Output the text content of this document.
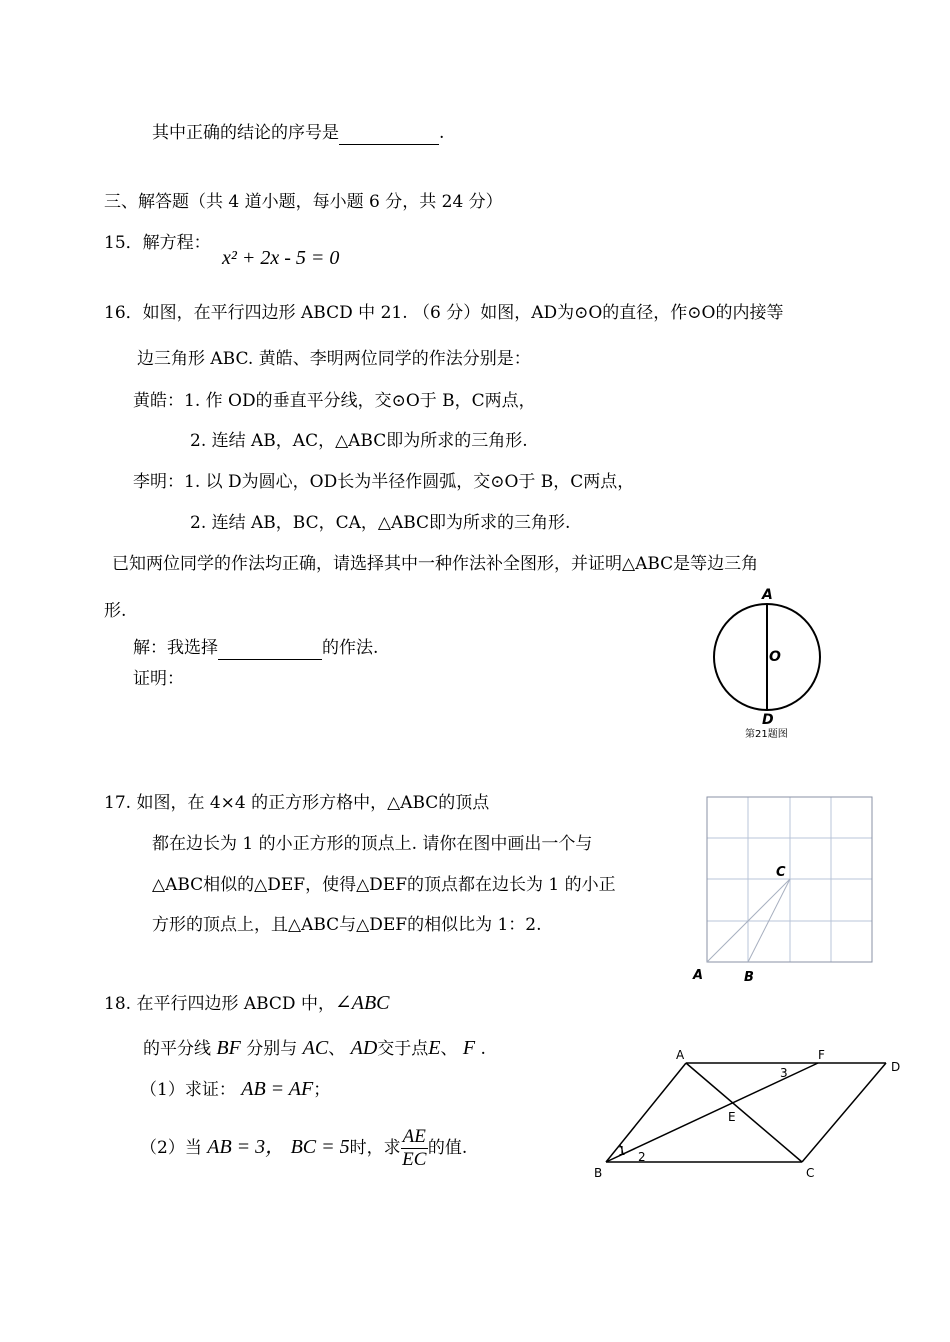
其中正确的结论的序号是	.
三、解答题（共 4 道小题，每小题 6 分，共 24 分）
15．解方程：
x² + 2x - 5 = 0
16．如图，在平行四边形 ABCD 中 21. （6 分）如图，AD为⊙O的直径，作⊙O的内接等
边三角形 ABC. 黄皓、李明两位同学的作法分别是：
黄皓：1. 作 OD的垂直平分线，交⊙O于 B，C两点，
2. 连结 AB，AC，△ABC即为所求的三角形.
李明：1. 以 D为圆心，OD长为半径作圆弧，交⊙O于 B，C两点，
2. 连结 AB，BC，CA，△ABC即为所求的三角形.
已知两位同学的作法均正确，请选择其中一种作法补全图形，并证明△ABC是等边三角
形.
解：我选择	的作法.
证明：
A
O
D
第21题图
17. 如图，在 4×4 的正方形方格中，△ABC的顶点
都在边长为 1 的小正方形的顶点上. 请你在图中画出一个与
△ABC相似的△DEF，使得△DEF的顶点都在边长为 1 的小正
方形的顶点上，且△ABC与△DEF的相似比为 1：2.
A	B
C
18. 在平行四边形 ABCD 中，∠ABC
的平分线 BF 分别与 AC、 AD交于点E、 F .
（1）求证： AB = AF；
（2）当 AB = 3， BC = 5时，求 $\frac{AE}{EC}$ 的值.
A	F
D
B	C
E
1 2
3
